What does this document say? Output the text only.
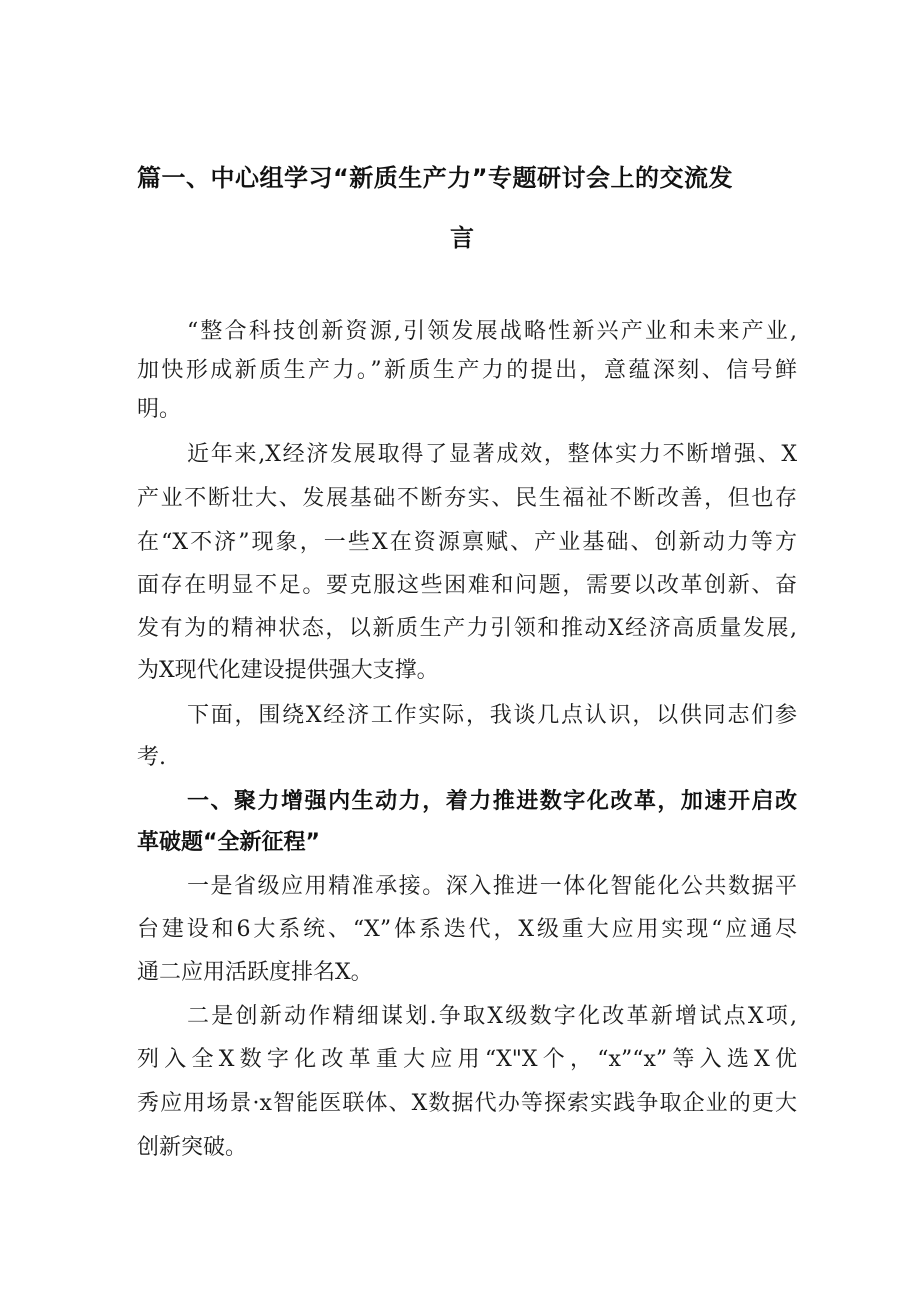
篇一、中心组学习“新质生产力”专题研讨会上的交流发
言
“整合科技创新资源,引领发展战略性新兴产业和未来产业,
加快形成新质生产力。”新质生产力的提出，意蕴深刻、信号鲜
明。
近年来,X经济发展取得了显著成效，整体实力不断增强、X
产业不断壮大、发展基础不断夯实、民生福祉不断改善，但也存
在“X不济”现象，一些X在资源禀赋、产业基础、创新动力等方
面存在明显不足。要克服这些困难和问题，需要以改革创新、奋
发有为的精神状态，以新质生产力引领和推动X经济高质量发展,
为X现代化建设提供强大支撑。
下面，围绕X经济工作实际，我谈几点认识，以供同志们参
考.
一、聚力增强内生动力，着力推进数字化改革，加速开启改
革破题“全新征程”
一是省级应用精准承接。深入推进一体化智能化公共数据平
台建设和6大系统、“X”体系迭代，X级重大应用实现“应通尽
通二应用活跃度排名X。
二是创新动作精细谋划.争取X级数字化改革新增试点X项,
列入全X数字化改革重大应用“X"X个，“x”“x”等入选X优
秀应用场景·x智能医联体、X数据代办等探索实践争取企业的更大
创新突破。
